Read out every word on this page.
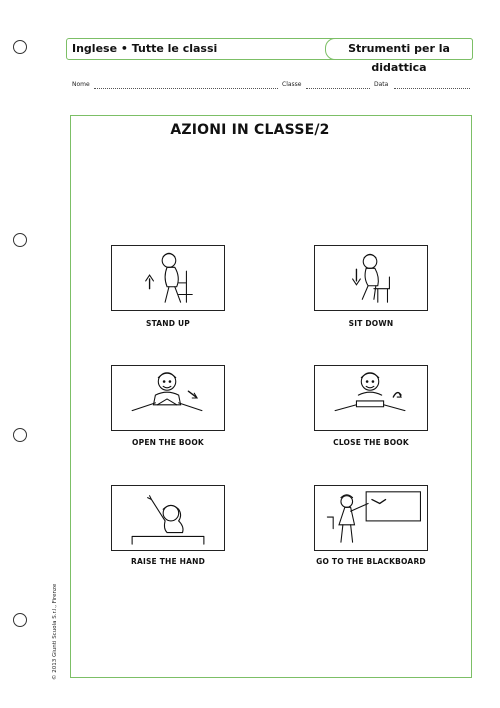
Inglese • Tutte le classi	Strumenti per la didattica
Nome	Classe	Data
AZIONI IN CLASSE/2
STAND UP	SIT DOWN
OPEN THE BOOK	CLOSE THE BOOK
RAISE THE HAND	GO TO THE BLACKBOARD
© 2013 Giunti Scuola S.r.l., Firenze
